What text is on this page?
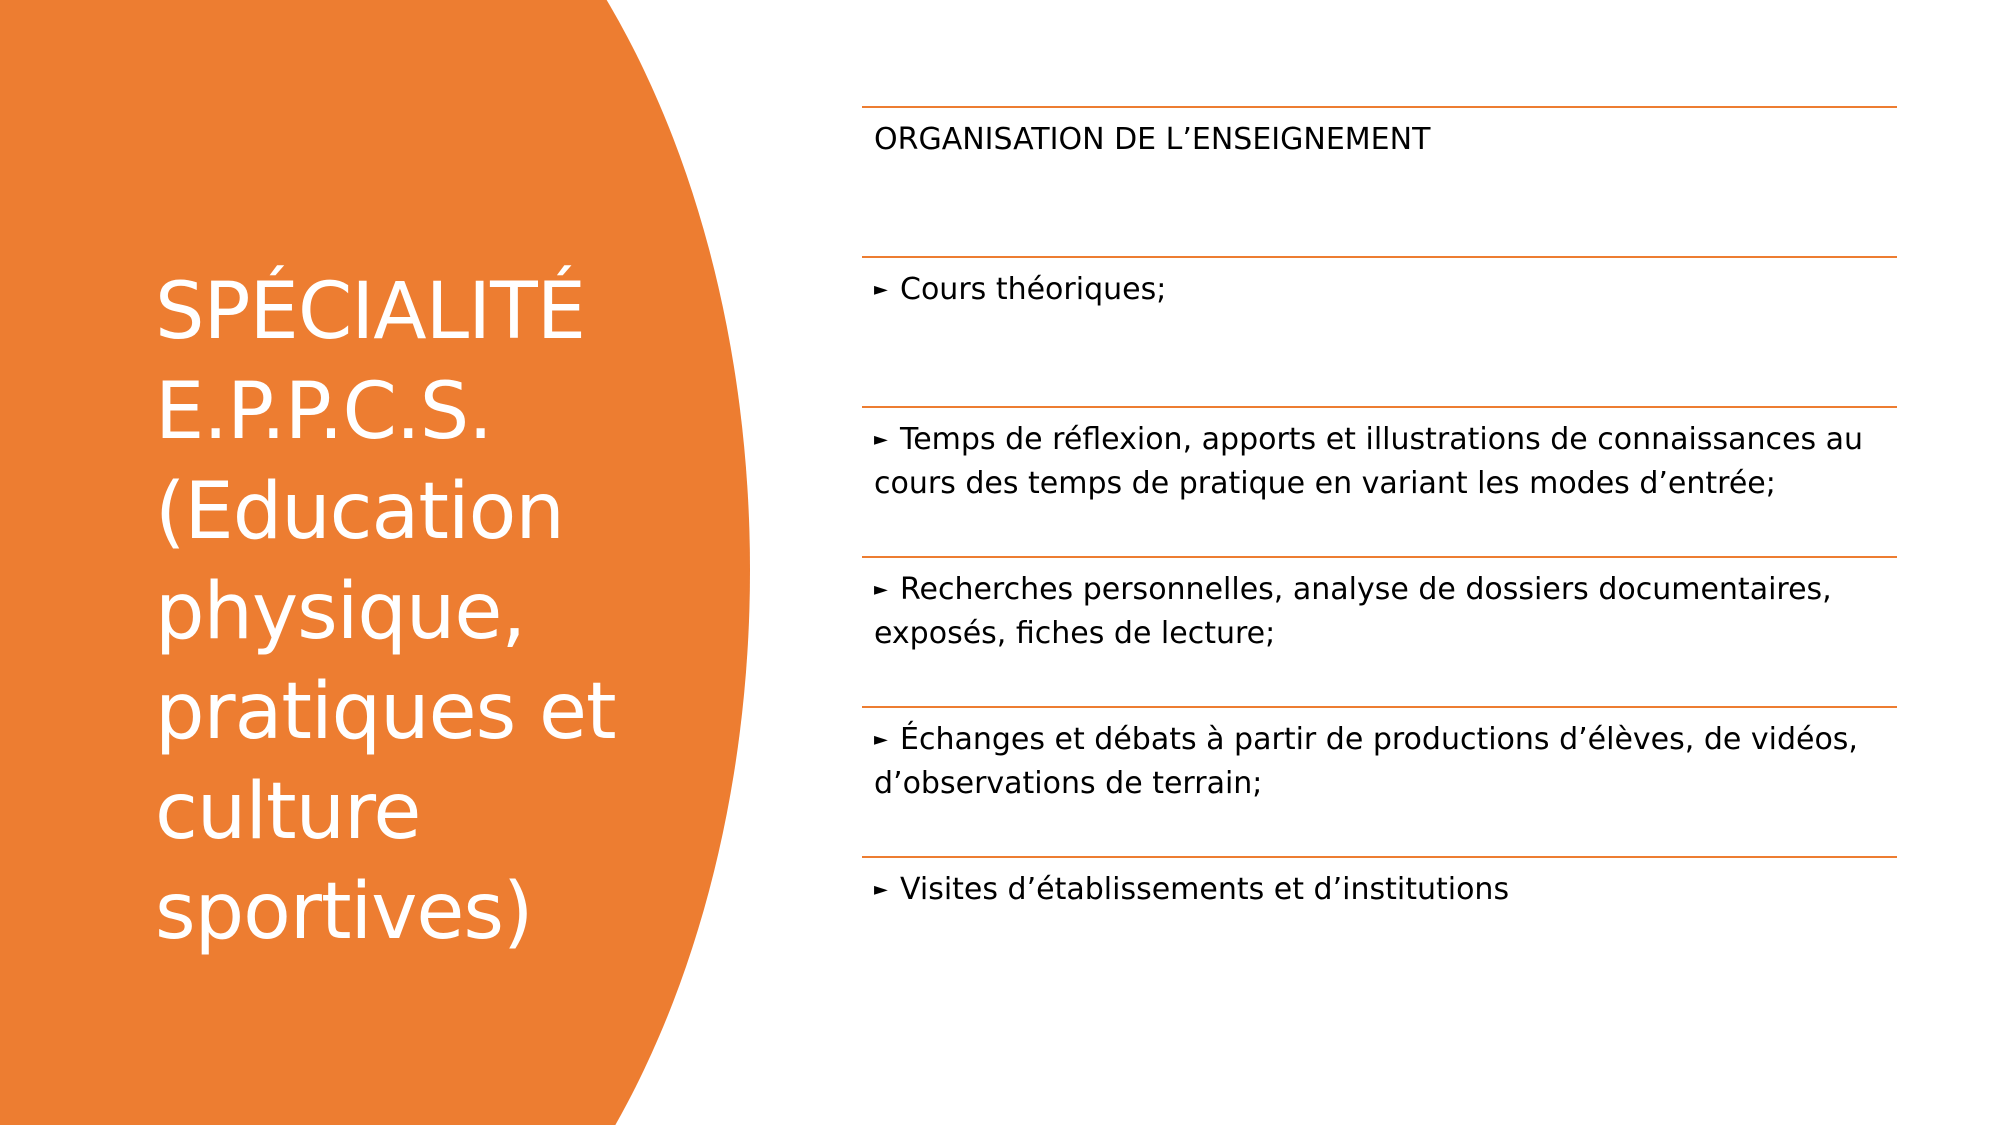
SPÉCIALITÉ E.P.P.C.S. (Education physique, pratiques et culture sportives)
ORGANISATION DE L’ENSEIGNEMENT
► Cours théoriques;
► Temps de réflexion, apports et illustrations de connaissances au cours des temps de pratique en variant les modes d’entrée;
► Recherches personnelles, analyse de dossiers documentaires, exposés, fiches de lecture;
► Échanges et débats à partir de productions d’élèves, de vidéos, d’observations de terrain;
► Visites d’établissements et d’institutions
